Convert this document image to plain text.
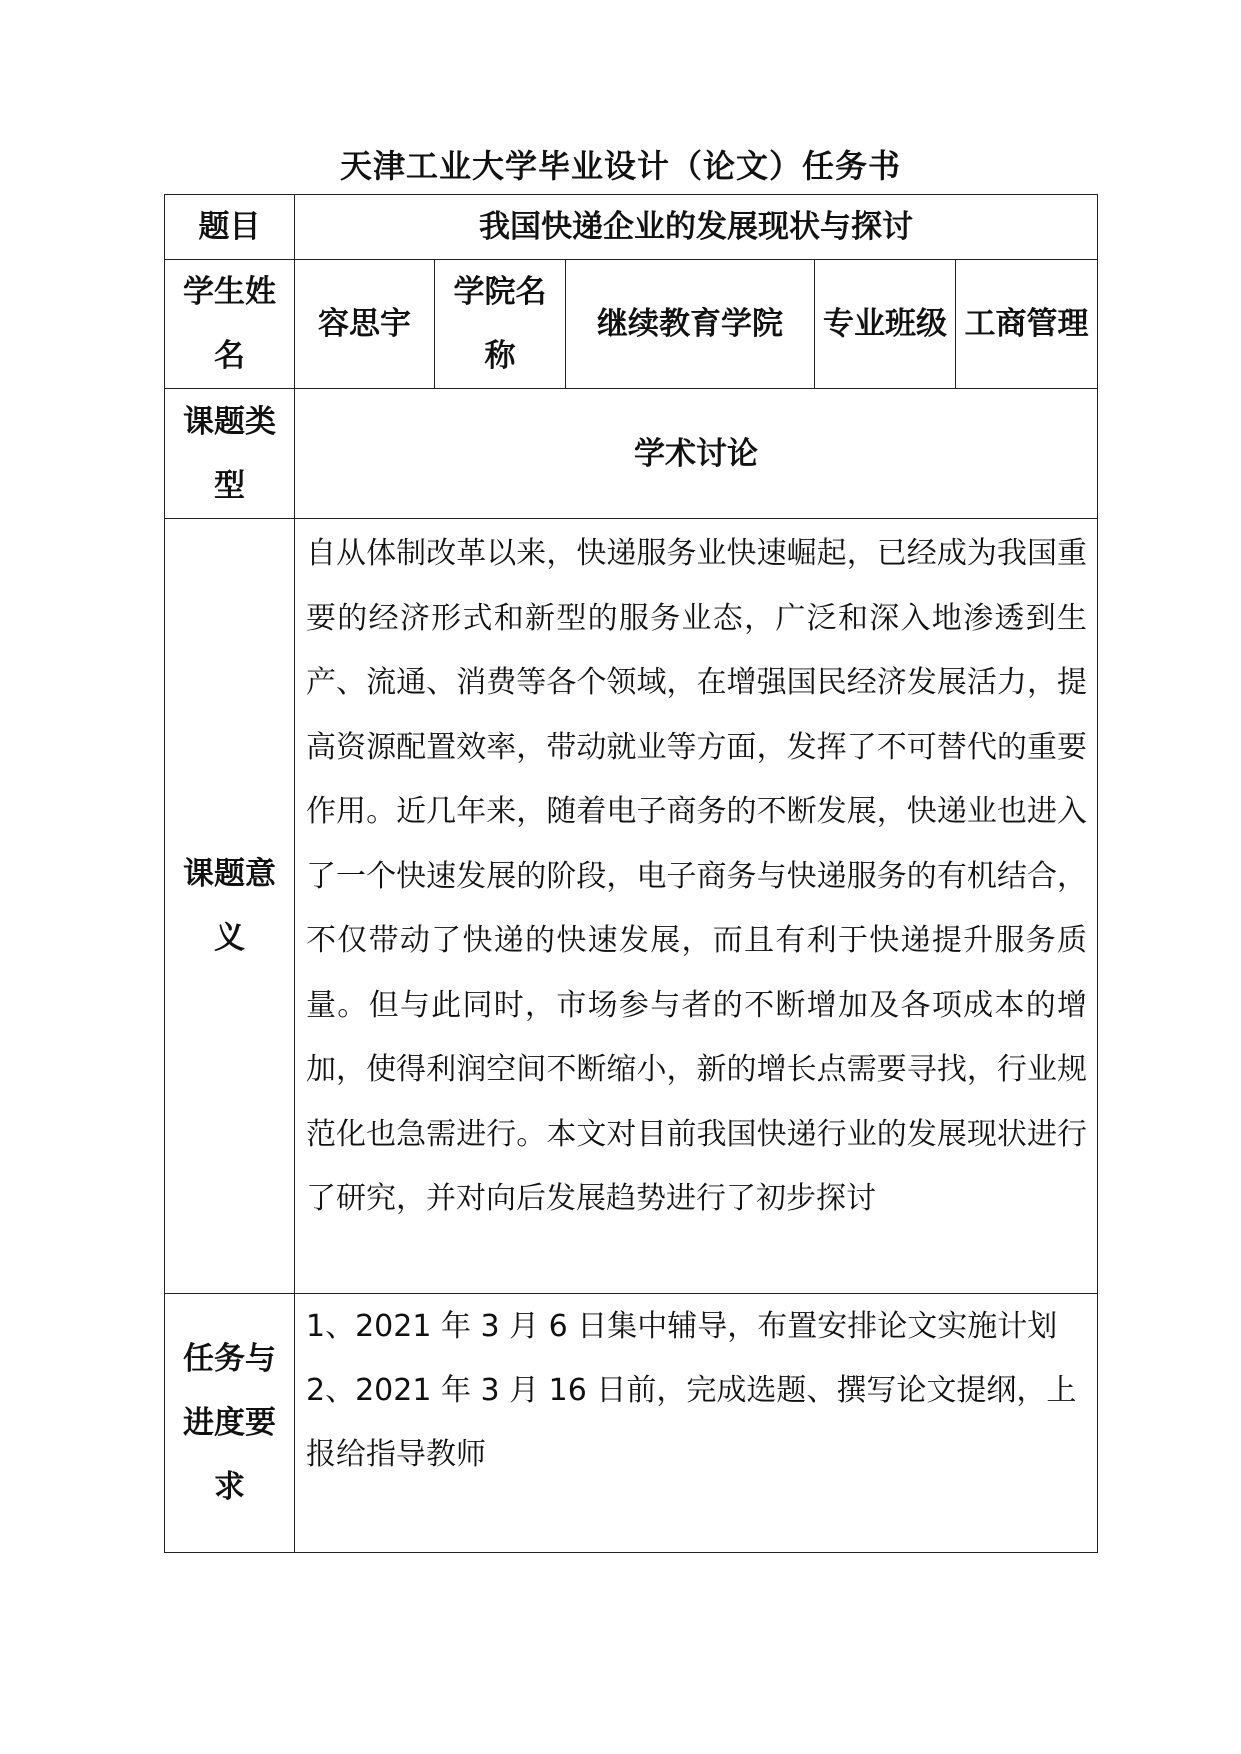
天津工业大学毕业设计（论文）任务书
题目	我国快递企业的发展现状与探讨				
学生姓名	容思宇	学院名称	继续教育学院	专业班级	工商管理
课题类型	学术讨论				
课题意义	自从体制改革以来，快递服务业快速崛起，已经成为我国重要的经济形式和新型的服务业态，广泛和深入地渗透到生产、流通、消费等各个领域，在增强国民经济发展活力，提高资源配置效率，带动就业等方面，发挥了不可替代的重要作用。近几年来，随着电子商务的不断发展，快递业也进入了一个快速发展的阶段，电子商务与快递服务的有机结合，不仅带动了快递的快速发展，而且有利于快递提升服务质量。但与此同时，市场参与者的不断增加及各项成本的增加，使得利润空间不断缩小，新的增长点需要寻找，行业规范化也急需进行。本文对目前我国快递行业的发展现状进行了研究，并对向后发展趋势进行了初步探讨				
任务与进度要求	1、2021 年 3 月 6 日集中辅导，布置安排论文实施计划
2、2021 年 3 月 16 日前，完成选题、撰写论文提纲，上报给指导教师				
